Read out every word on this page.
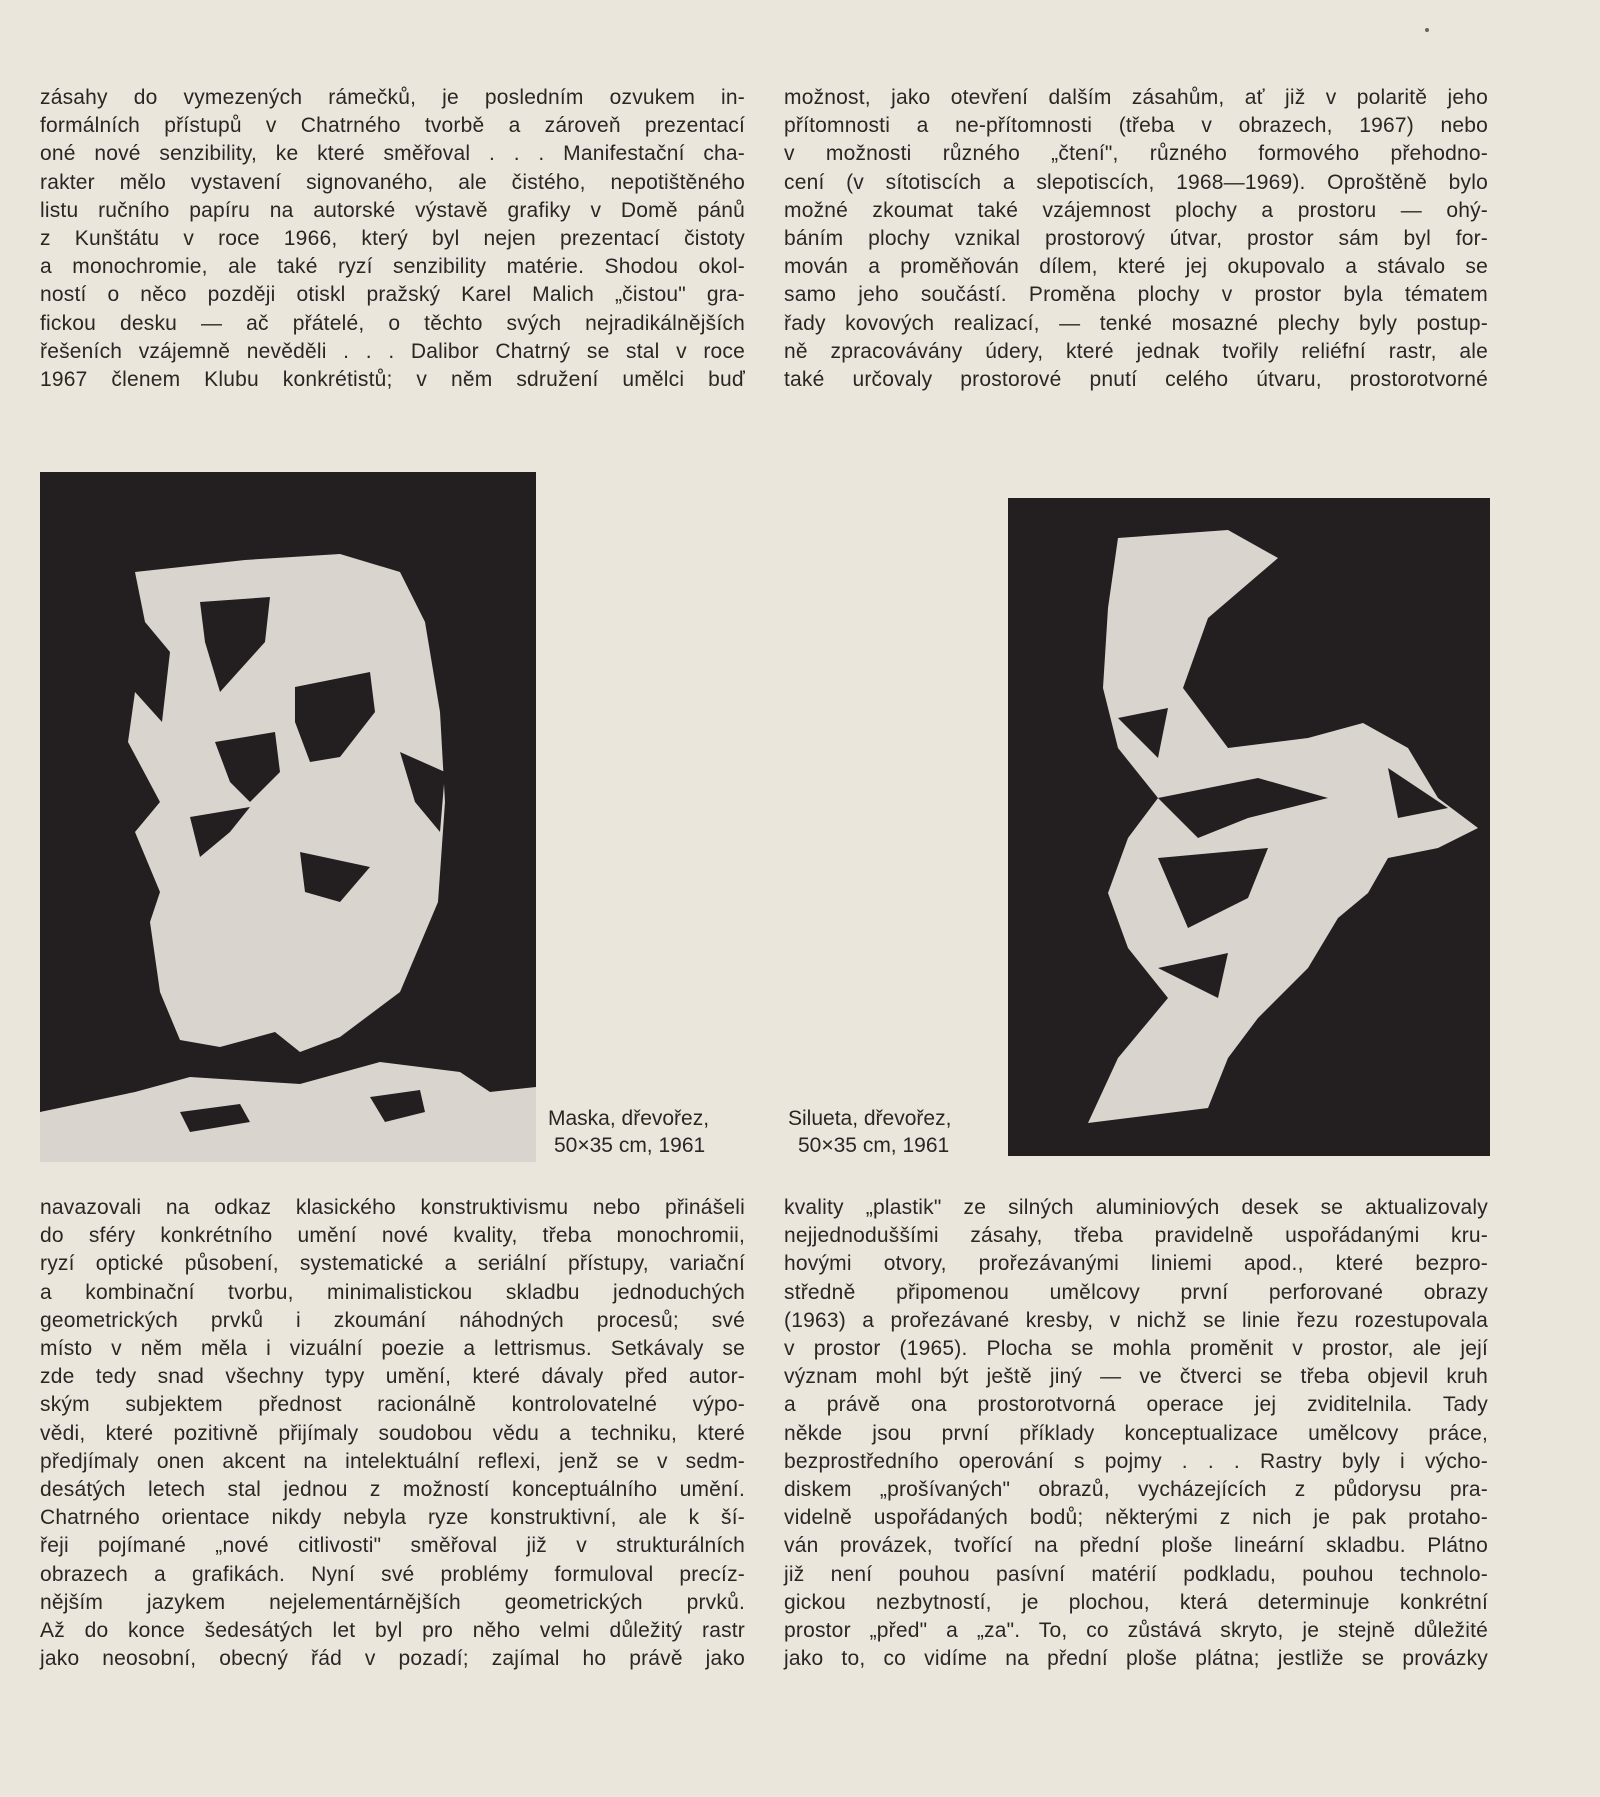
zásahy do vymezených rámečků, je posledním ozvukem in-

formálních přístupů v Chatrného tvorbě a zároveň prezentací

oné nové senzibility, ke které směřoval . . . Manifestační cha-

rakter mělo vystavení signovaného, ale čistého, nepotištěného

listu ručního papíru na autorské výstavě grafiky v Domě pánů

z Kunštátu v roce 1966, který byl nejen prezentací čistoty

a monochromie, ale také ryzí senzibility matérie. Shodou okol-

ností o něco později otiskl pražský Karel Malich „čistou" gra-

fickou desku — ač přátelé, o těchto svých nejradikálnějších

řešeních vzájemně nevěděli . . . Dalibor Chatrný se stal v roce

1967 členem Klubu konkrétistů; v něm sdružení umělci buď

možnost, jako otevření dalším zásahům, ať již v polaritě jeho

přítomnosti a ne-přítomnosti (třeba v obrazech, 1967) nebo

v možnosti různého „čtení", různého formového přehodno-

cení (v sítotiscích a slepotiscích, 1968—1969). Oproštěně bylo

možné zkoumat také vzájemnost plochy a prostoru — ohý-

báním plochy vznikal prostorový útvar, prostor sám byl for-

mován a proměňován dílem, které jej okupovalo a stávalo se

samo jeho součástí. Proměna plochy v prostor byla tématem

řady kovových realizací, — tenké mosazné plechy byly postup-

ně zpracovávány údery, které jednak tvořily reliéfní rastr, ale

také určovaly prostorové pnutí celého útvaru, prostorotvorné

Maska, dřevořez,
50×35 cm, 1961
Silueta, dřevořez,
50×35 cm, 1961

navazovali na odkaz klasického konstruktivismu nebo přinášeli

do sféry konkrétního umění nové kvality, třeba monochromii,

ryzí optické působení, systematické a seriální přístupy, variační

a kombinační tvorbu, minimalistickou skladbu jednoduchých

geometrických prvků i zkoumání náhodných procesů; své

místo v něm měla i vizuální poezie a lettrismus. Setkávaly se

zde tedy snad všechny typy umění, které dávaly před autor-

ským subjektem přednost racionálně kontrolovatelné výpo-

vědi, které pozitivně přijímaly soudobou vědu a techniku, které

předjímaly onen akcent na intelektuální reflexi, jenž se v sedm-

desátých letech stal jednou z možností konceptuálního umění.

Chatrného orientace nikdy nebyla ryze konstruktivní, ale k ší-

řeji pojímané „nové citlivosti" směřoval již v strukturálních

obrazech a grafikách. Nyní své problémy formuloval precíz-

nějším jazykem nejelementárnějších geometrických prvků.

Až do konce šedesátých let byl pro něho velmi důležitý rastr

jako neosobní, obecný řád v pozadí; zajímal ho právě jako

kvality „plastik" ze silných aluminiových desek se aktualizovaly

nejjednoduššími zásahy, třeba pravidelně uspořádanými kru-

hovými otvory, prořezávanými liniemi apod., které bezpro-

středně připomenou umělcovy první perforované obrazy

(1963) a prořezávané kresby, v nichž se linie řezu rozestupovala

v prostor (1965). Plocha se mohla proměnit v prostor, ale její

význam mohl být ještě jiný — ve čtverci se třeba objevil kruh

a právě ona prostorotvorná operace jej zviditelnila. Tady

někde jsou první příklady konceptualizace umělcovy práce,

bezprostředního operování s pojmy . . . Rastry byly i výcho-

diskem „prošívaných" obrazů, vycházejících z půdorysu pra-

videlně uspořádaných bodů; některými z nich je pak protaho-

ván provázek, tvořící na přední ploše lineární skladbu. Plátno

již není pouhou pasívní matérií podkladu, pouhou technolo-

gickou nezbytností, je plochou, která determinuje konkrétní

prostor „před" a „za". To, co zůstává skryto, je stejně důležité

jako to, co vidíme na přední ploše plátna; jestliže se provázky
